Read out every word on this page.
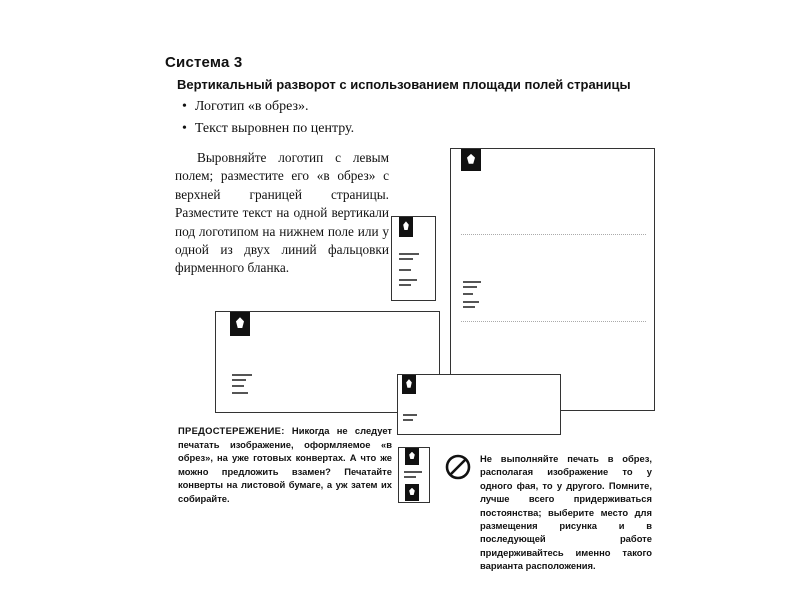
Система 3
Вертикальный разворот с использованием площади полей страницы
• Логотип «в обрез».
• Текст выровнен по центру.
Выровняйте логотип с левым полем; разместите его «в обрез» с верхней границей страницы. Разместите текст на одной вертикали под логотипом на нижнем поле или у одной из двух линий фальцовки фирменного бланка.
ПРЕДОСТЕРЕЖЕНИЕ: Никогда не следует печатать изображение, оформляемое «в обрез», на уже готовых конвертах. А что же можно предложить взамен? Печатайте конверты на листовой бумаге, а уж затем их собирайте.
Не выполняйте печать в обрез, располагая изображение то у одного фая, то у другого. Помните, лучше всего придерживаться постоянства; выберите место для размещения рисунка и в последующей работе придерживайтесь именно такого варианта расположения.
